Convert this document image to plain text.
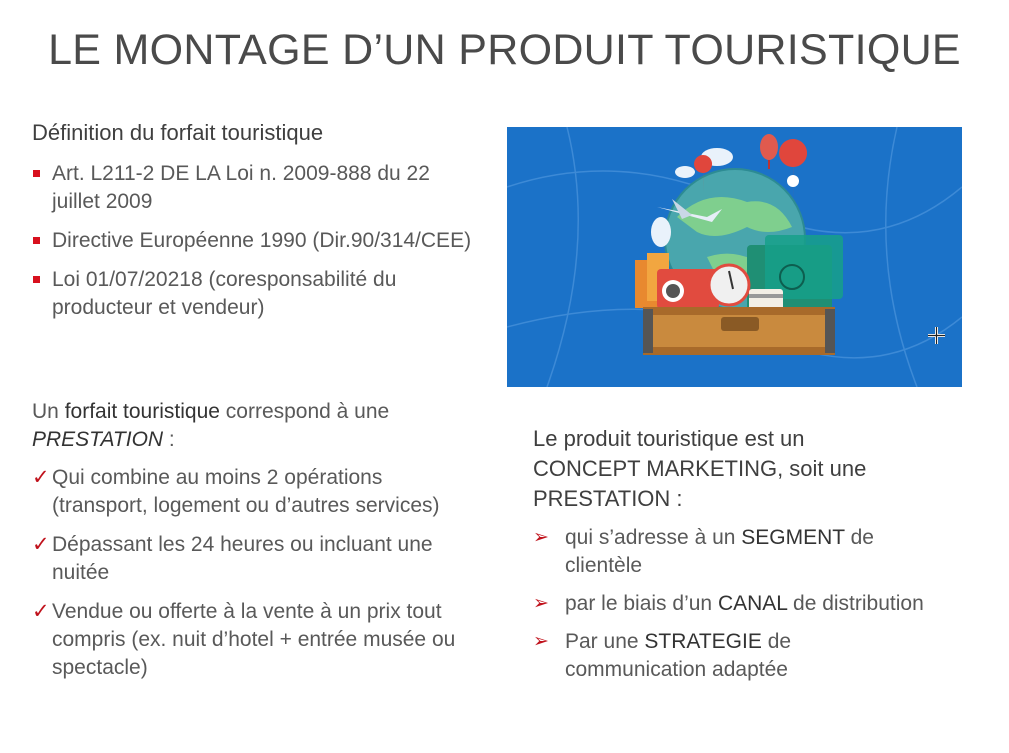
LE MONTAGE D’UN PRODUIT TOURISTIQUE
Définition du forfait touristique
Art. L211-2 DE LA Loi n. 2009-888 du 22 juillet 2009
Directive Européenne 1990 (Dir.90/314/CEE)
Loi 01/07/20218 (coresponsabilité du producteur et vendeur)
Un forfait touristique correspond à une
PRESTATION :
✓ Qui combine au moins 2 opérations (transport, logement ou d’autres services)
✓ Dépassant les 24 heures ou incluant une nuitée
✓ Vendue ou offerte à la vente à un prix tout compris (ex. nuit d’hotel + entrée musée ou spectacle)
Le produit touristique est un CONCEPT MARKETING, soit une PRESTATION :
➢ qui s’adresse à un SEGMENT de clientèle
➢ par le biais d’un CANAL de distribution
➢ Par une STRATEGIE de communication adaptée
